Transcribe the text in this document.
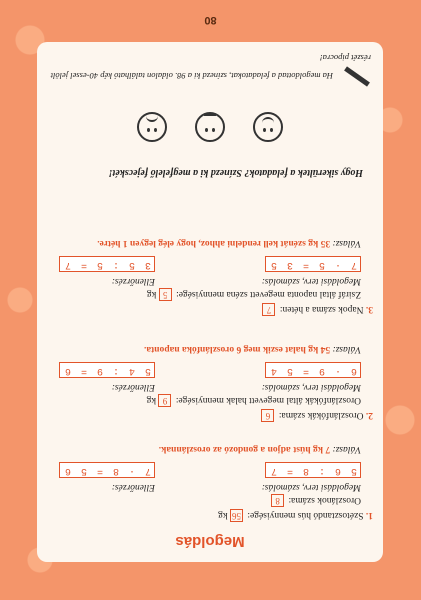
80
Megoldás
1. Szétosztandó hús mennyisége: 56 kg
Oroszlánok száma: 8
Megoldási terv, számolás:
Ellenőrzés:
5 6 : 8 = 7
7 · 8 = 5 6
Válasz: 7 kg húst adjon a gondozó az oroszlánnak.
2. Oroszlánfókák száma: 6
Oroszlánfókák által megevett halak mennyisége: 9 kg
Megoldási terv, számolás:
Ellenőrzés:
6 · 9 = 5 4
5 4 : 9 = 6
Válasz: 54 kg halat eszik meg 6 oroszlánfóka naponta.
3. Napok száma a héten: 7
Zsiráf által naponta megevett széna mennyisége: 5 kg
Megoldási terv, számolás:
Ellenőrzés:
7 · 5 = 3 5
3 5 : 5 = 7
Válasz: 35 kg szénát kell rendelni ahhoz, hogy elég legyen 1 hétre.
Hogy sikerültek a feladatok? Színezd ki a megfelelő fejecskét!

Ha megoldottad a feladatokat, színezd ki a 98. oldalon található kép 40-essel jelölt részét piросra!
